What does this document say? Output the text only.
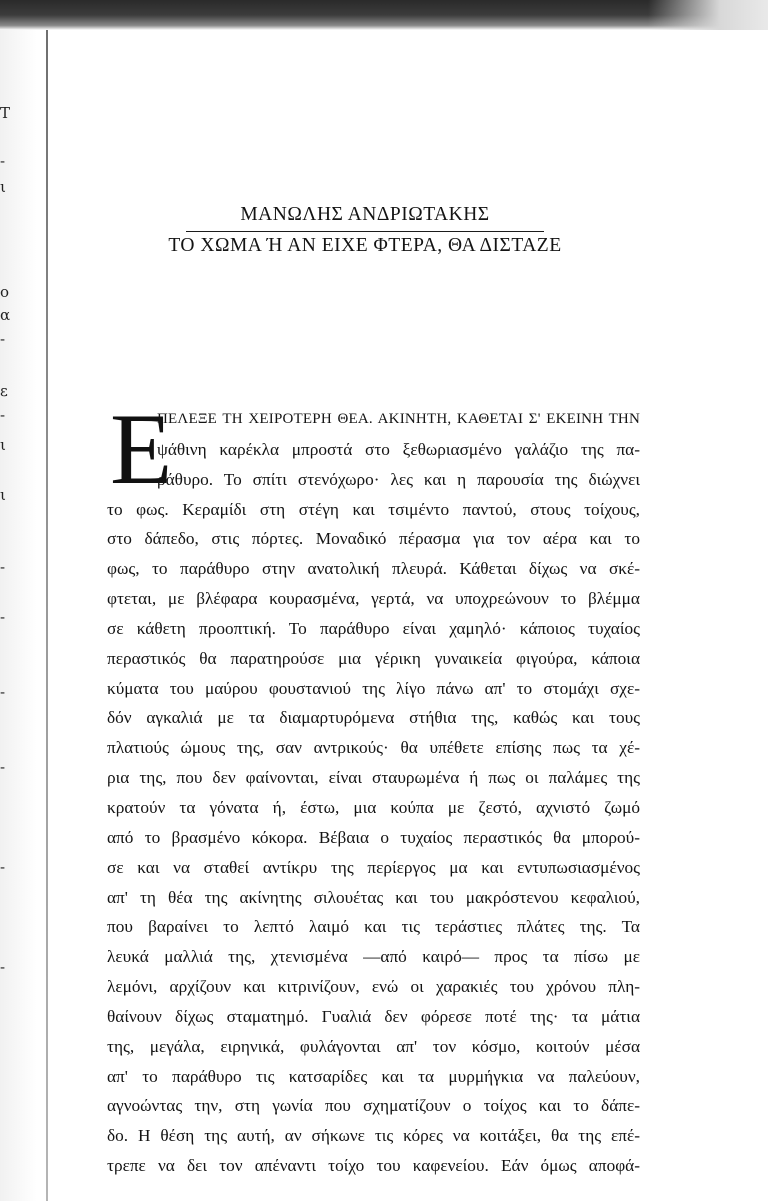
T
-
ι
ο
α
-
ε
-
ι
ι
-
-
-
-
-
-
ΜΑΝΩΛΗΣ ΑΝΔΡΙΩΤΑΚΗΣ
ΤΟ ΧΩΜΑ Ή ΑΝ ΕΙΧΕ ΦΤΕΡΑ, ΘΑ ΔΙΣΤΑΖΕ
Ε
ΠΕΛΕΞΕ ΤΗ ΧΕΙΡΟΤΕΡΗ ΘΕΑ. ΑΚΙΝΗΤΗ, ΚΑΘΕΤΑΙ Σ' ΕΚΕΙΝΗ ΤΗΝ
ψάθινη καρέκλα μπροστά στο ξεθωριασμένο γαλάζιο της πα-
ράθυρο. Το σπίτι στενόχωρο· λες και η παρουσία της διώχνει
το φως. Κεραμίδι στη στέγη και τσιμέντο παντού, στους τοίχους,
στο δάπεδο, στις πόρτες. Μοναδικό πέρασμα για τον αέρα και το
φως, το παράθυρο στην ανατολική πλευρά. Κάθεται δίχως να σκέ-
φτεται, με βλέφαρα κουρασμένα, γερτά, να υποχρεώνουν το βλέμμα
σε κάθετη προοπτική. Το παράθυρο είναι χαμηλό· κάποιος τυχαίος
περαστικός θα παρατηρούσε μια γέρικη γυναικεία φιγούρα, κάποια
κύματα του μαύρου φουστανιού της λίγο πάνω απ' το στομάχι σχε-
δόν αγκαλιά με τα διαμαρτυρόμενα στήθια της, καθώς και τους
πλατιούς ώμους της, σαν αντρικούς· θα υπέθετε επίσης πως τα χέ-
ρια της, που δεν φαίνονται, είναι σταυρωμένα ή πως οι παλάμες της
κρατούν τα γόνατα ή, έστω, μια κούπα με ζεστό, αχνιστό ζωμό
από το βρασμένο κόκορα. Βέβαια ο τυχαίος περαστικός θα μπορού-
σε και να σταθεί αντίκρυ της περίεργος μα και εντυπωσιασμένος
απ' τη θέα της ακίνητης σιλουέτας και του μακρόστενου κεφαλιού,
που βαραίνει το λεπτό λαιμό και τις τεράστιες πλάτες της. Τα
λευκά μαλλιά της, χτενισμένα —από καιρό— προς τα πίσω με
λεμόνι, αρχίζουν και κιτρινίζουν, ενώ οι χαρακιές του χρόνου πλη-
θαίνουν δίχως σταματημό. Γυαλιά δεν φόρεσε ποτέ της· τα μάτια
της, μεγάλα, ειρηνικά, φυλάγονται απ' τον κόσμο, κοιτούν μέσα
απ' το παράθυρο τις κατσαρίδες και τα μυρμήγκια να παλεύουν,
αγνοώντας την, στη γωνία που σχηματίζουν ο τοίχος και το δάπε-
δο. Η θέση της αυτή, αν σήκωνε τις κόρες να κοιτάξει, θα της επέ-
τρεπε να δει τον απέναντι τοίχο του καφενείου. Εάν όμως αποφά-
